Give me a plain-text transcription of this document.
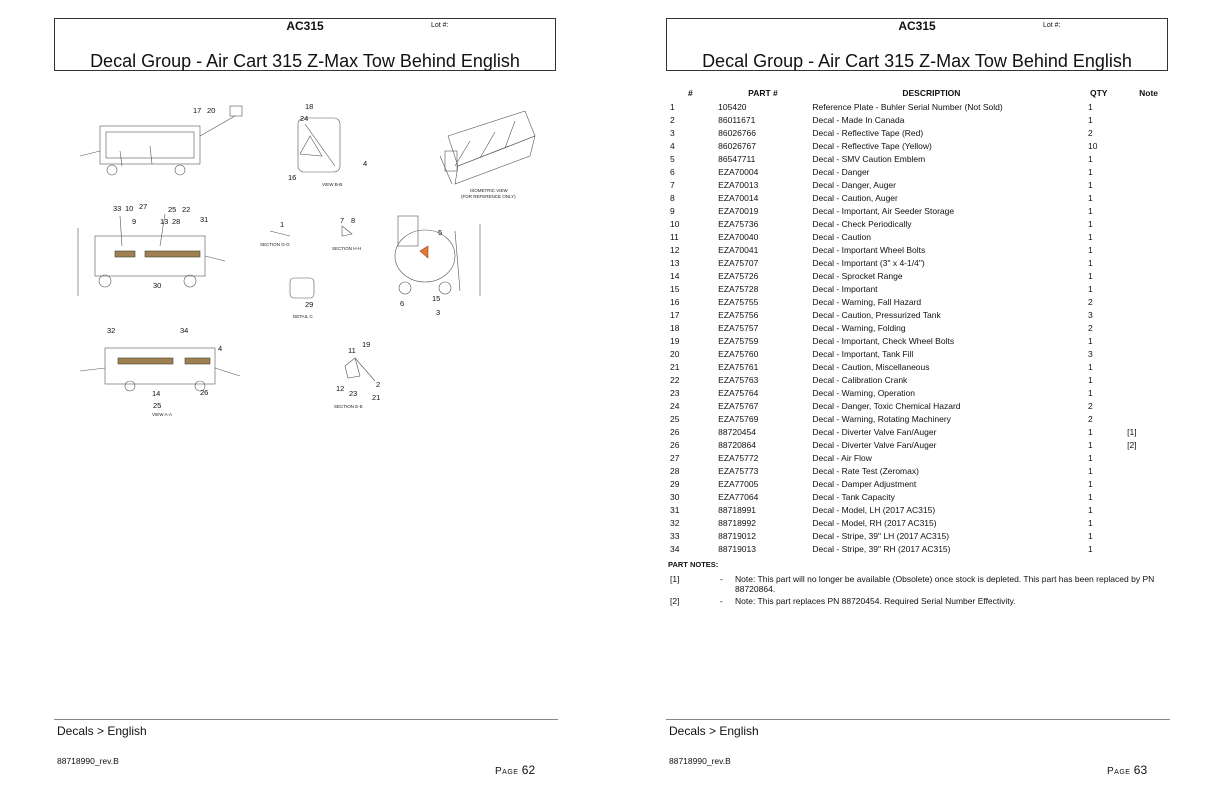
AC315	Lot #:
Decal Group - Air Cart 315 Z-Max Tow Behind English
17 20	18
24
4
16
33 10 27	25 22
9	13 28	31
1	7 8
5
30
29	6
15
3
32	34
4	19
11
14	26	12
23
2
21
25
VIEW B-B
ISOMETRIC VIEW
(FOR REFERENCE ONLY)
SECTION G-G
SECTION H-H
DETAIL C
VIEW A-A
SECTION E-E
Decals > English
88718990_rev.B
Page 62
AC315	Lot #:
Decal Group - Air Cart 315 Z-Max Tow Behind English
#	PART #	DESCRIPTION	QTY	Note
1	105420	Reference Plate - Buhler Serial Number (Not Sold)	1	
2	86011671	Decal - Made In Canada	1	
3	86026766	Decal - Reflective Tape (Red)	2	
4	86026767	Decal - Reflective Tape (Yellow)	10	
5	86547711	Decal - SMV Caution Emblem	1	
6	EZA70004	Decal - Danger	1	
7	EZA70013	Decal - Danger, Auger	1	
8	EZA70014	Decal - Caution, Auger	1	
9	EZA70019	Decal - Important, Air Seeder Storage	1	
10	EZA75736	Decal - Check Periodically	1	
11	EZA70040	Decal - Caution	1	
12	EZA70041	Decal - Important Wheel Bolts	1	
13	EZA75707	Decal - Important (3" x 4-1/4")	1	
14	EZA75726	Decal - Sprocket Range	1	
15	EZA75728	Decal - Important	1	
16	EZA75755	Decal - Warning, Fall Hazard	2	
17	EZA75756	Decal - Caution, Pressurized Tank	3	
18	EZA75757	Decal - Warning, Folding	2	
19	EZA75759	Decal - Important, Check Wheel Bolts	1	
20	EZA75760	Decal - Important, Tank Fill	3	
21	EZA75761	Decal - Caution, Miscellaneous	1	
22	EZA75763	Decal - Calibration Crank	1	
23	EZA75764	Decal - Warning, Operation	1	
24	EZA75767	Decal - Danger, Toxic Chemical Hazard	2	
25	EZA75769	Decal - Warning, Rotating Machinery	2	
26	88720454	Decal - Diverter Valve Fan/Auger	1	[1]
26	88720864	Decal - Diverter Valve Fan/Auger	1	[2]
27	EZA75772	Decal - Air Flow	1	
28	EZA75773	Decal - Rate Test (Zeromax)	1	
29	EZA77005	Decal - Damper Adjustment	1	
30	EZA77064	Decal - Tank Capacity	1	
31	88718991	Decal - Model, LH (2017 AC315)	1	
32	88718992	Decal - Model, RH (2017 AC315)	1	
33	88719012	Decal - Stripe, 39" LH (2017 AC315)	1	
34	88719013	Decal - Stripe, 39" RH (2017 AC315)	1	
PART NOTES:
[1]	- Note: This part will no longer be available (Obsolete) once stock is depleted. This part has been replaced by PN 88720864.
[2]	- Note: This part replaces PN 88720454. Required Serial Number Effectivity.
Decals > English
88718990_rev.B
Page 63
